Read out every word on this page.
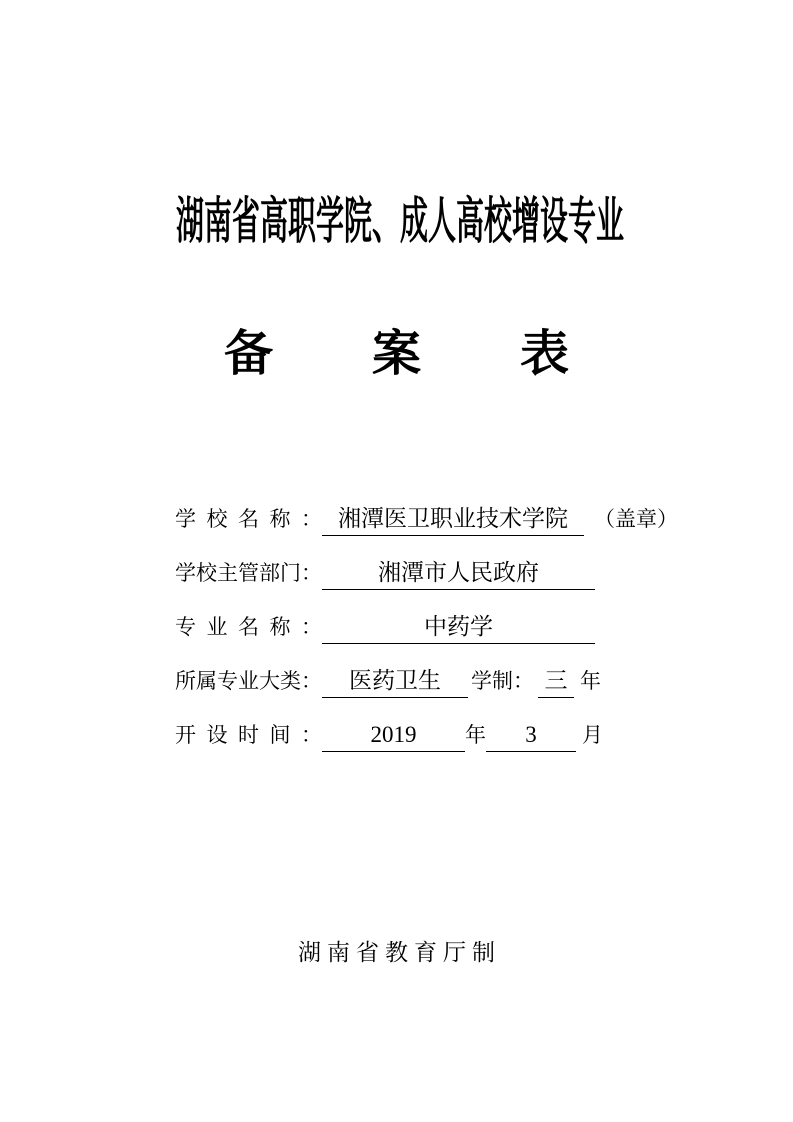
湖南省高职学院、成人高校增设专业
备案表
学校名称： 湘潭医卫职业技术学院	（盖章）
学校主管部门：	湘潭市人民政府
专业名称：	中药学
所属专业大类：	医药卫生	学制： 三 年
开设时间：	2019	年	3	月
湖南省教育厅制
